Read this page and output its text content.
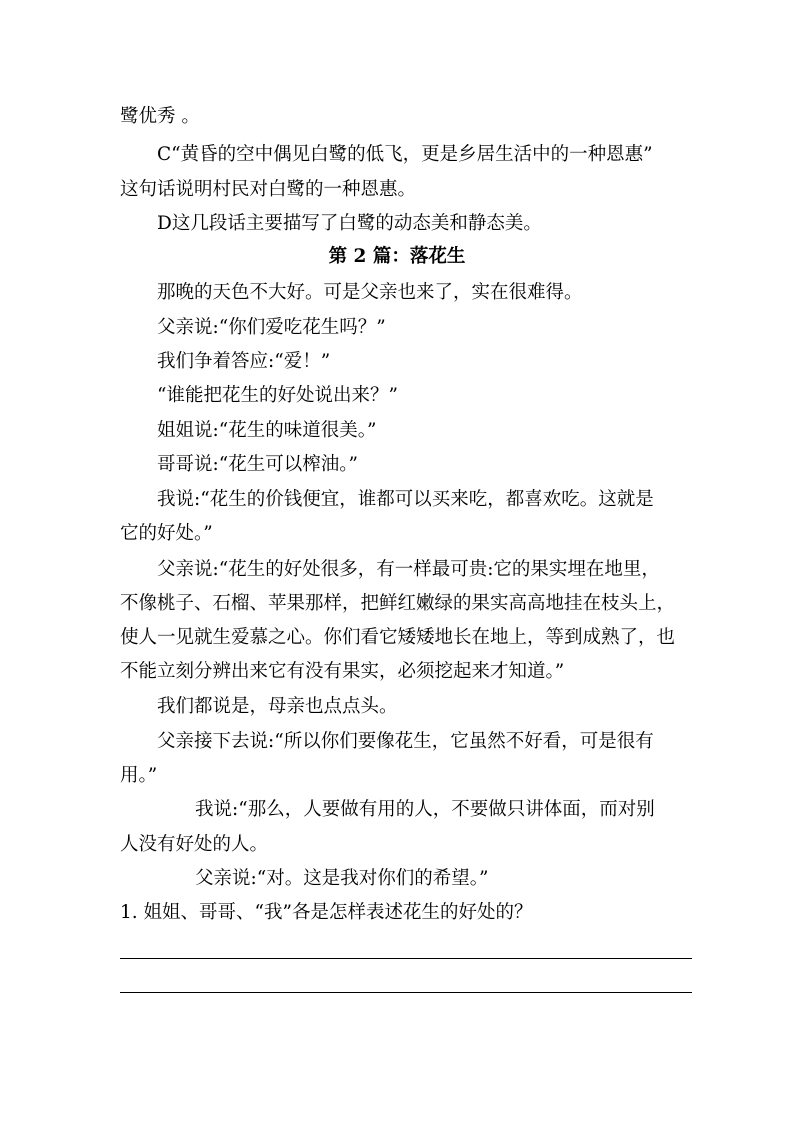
鹭优秀 。

C“黄昏的空中偶见白鹭的低飞，更是乡居生活中的一种恩惠”

这句话说明村民对白鹭的一种恩惠。

D这几段话主要描写了白鹭的动态美和静态美。

第 2 篇：落花生

那晚的天色不大好。可是父亲也来了，实在很难得。

父亲说:“你们爱吃花生吗？”

我们争着答应:“爱！”

“谁能把花生的好处说出来？”

姐姐说:“花生的味道很美。”

哥哥说:“花生可以榨油。”

我说:“花生的价钱便宜，谁都可以买来吃，都喜欢吃。这就是

它的好处。”

父亲说:“花生的好处很多，有一样最可贵:它的果实埋在地里，

不像桃子、石榴、苹果那样，把鲜红嫩绿的果实高高地挂在枝头上，

使人一见就生爱慕之心。你们看它矮矮地长在地上，等到成熟了，也

不能立刻分辨出来它有没有果实，必须挖起来才知道。”

我们都说是，母亲也点点头。

父亲接下去说:“所以你们要像花生，它虽然不好看，可是很有

用。”

我说:“那么，人要做有用的人，不要做只讲体面，而对别

人没有好处的人。

父亲说:“对。这是我对你们的希望。”

1. 姐姐、哥哥、“我”各是怎样表述花生的好处的？
